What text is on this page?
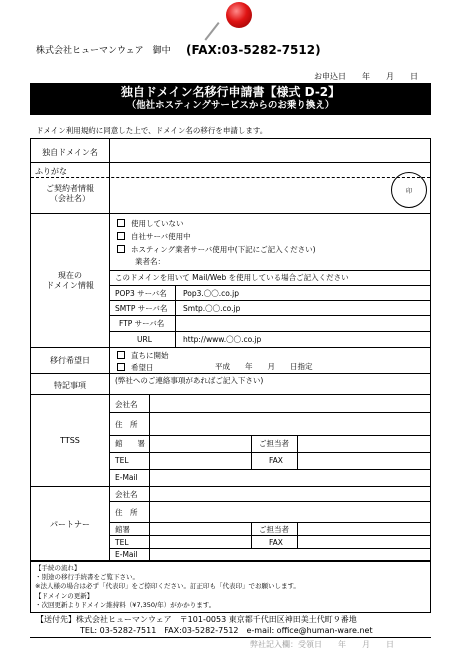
株式会社ヒューマンウェア　御中 (FAX:03-5282-7512)
お申込日　　年　　月　　日
独自ドメイン名移行申請書【様式 D-2】
（他社ホスティングサービスからのお乗り換え）
ドメイン利用規約に同意した上で、ドメイン名の移行を申請します。
独自ドメイン名
ふりがな
ご契約者情報
（会社名）
現在の
ドメイン情報
使用していない
自社サーバ使用中
ホスティング業者サーバ使用中(下記にご記入ください)
業者名：
このドメインを用いて Mail/Web を使用している場合ご記入ください
POP3 サーバ名 Pop3.〇〇.co.jp
SMTP サーバ名 Smtp.〇〇.co.jp
FTP サーバ名
URL	http://www.〇〇.co.jp
移行希望日
直ちに開始
希望日	平成　　年　　月　　日指定
特記事項
(弊社へのご連絡事項があればご記入下さい)
TTSS
会社名
住　所
館　　署	ご担当者
TEL	FAX
E-Mail
パートナー
会社名
住　所
館署	ご担当者
TEL	FAX
E-Mail
印
【手続の流れ】
・別途の移行手続書をご覧下さい。
※法人様の場合は必ず「代表印」をご捺印ください。訂正印も「代表印」でお願いします。
【ドメインの更新】
・次回更新よりドメイン維持料（¥7,350/年）がかかります。
【送付先】株式会社ヒューマンウェア　〒101-0053 東京都千代田区神田美土代町９番地
TEL: 03-5282-7511　FAX:03-5282-7512　e-mail: office@human-ware.net
弊社記入欄：受領日　　年　　月　　日
